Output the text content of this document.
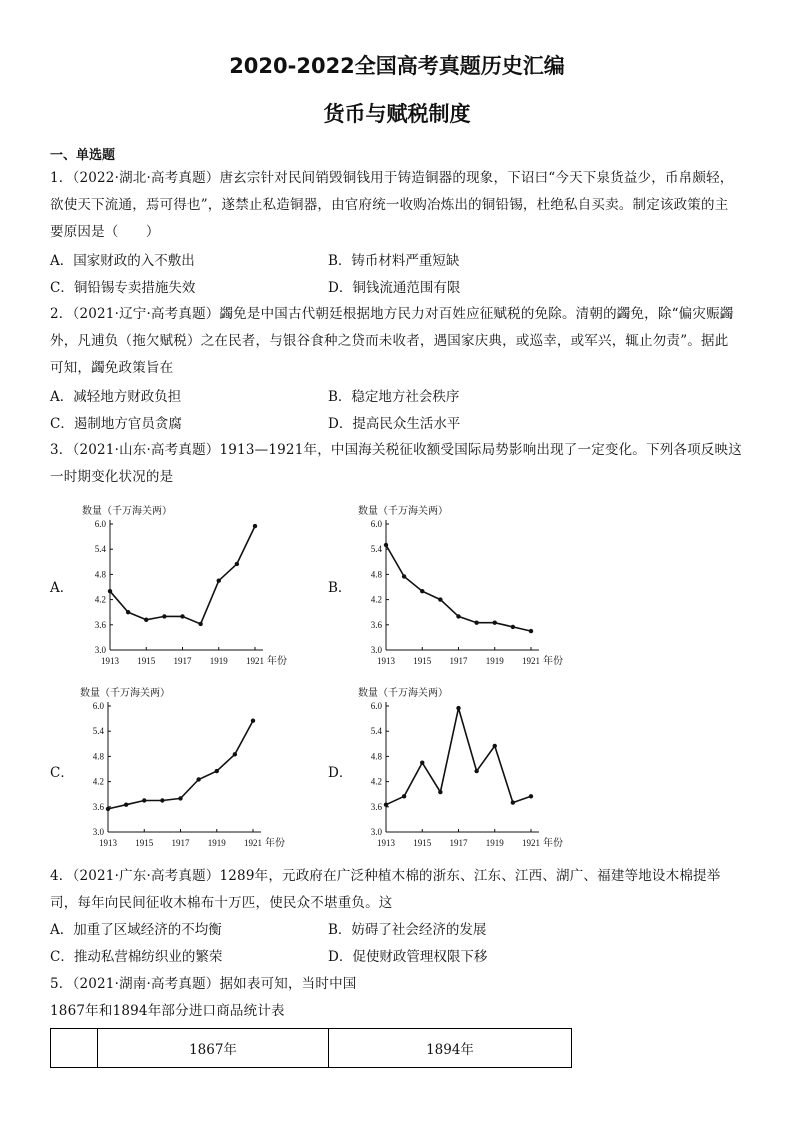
2020-2022全国高考真题历史汇编
货币与赋税制度
一、单选题
1．（2022·湖北·高考真题）唐玄宗针对民间销毁铜钱用于铸造铜器的现象，下诏曰“今天下泉货益少，币帛颇轻，
欲使天下流通，焉可得也”，遂禁止私造铜器，由官府统一收购冶炼出的铜铅锡，杜绝私自买卖。制定该政策的主
要原因是（　　）
A．国家财政的入不敷出	B．铸币材料严重短缺
C．铜铅锡专卖措施失效	D．铜钱流通范围有限
2．（2021·辽宁·高考真题）蠲免是中国古代朝廷根据地方民力对百姓应征赋税的免除。清朝的蠲免，除“偏灾赈蠲
外，凡逋负（拖欠赋税）之在民者，与银谷食种之贷而未收者，遇国家庆典，或巡幸，或军兴，辄止勿责”。据此
可知，蠲免政策旨在
A．减轻地方财政负担	B．稳定地方社会秩序
C．遏制地方官员贪腐	D．提高民众生活水平
3．（2021·山东·高考真题）1913—1921年，中国海关税征收额受国际局势影响出现了一定变化。下列各项反映这
一时期变化状况的是
A．
数量（千万海关两）
3.0
3.6
4.2
4.8
5.4
6.0
1913 1915 1917 1919 1921 年份
B．
数量（千万海关两）
3.0
3.6
4.2
4.8
5.4
6.0
1913 1915 1917 1919 1921 年份
C．
数量（千万海关两）
3.0
3.6
4.2
4.8
5.4
6.0
1913 1915 1917 1919 1921 年份
D．
数量（千万海关两）
3.0
3.6
4.2
4.8
5.4
6.0
1913 1915 1917 1919 1921 年份
4．（2021·广东·高考真题）1289年，元政府在广泛种植木棉的浙东、江东、江西、湖广、福建等地设木棉提举
司，每年向民间征收木棉布十万匹，使民众不堪重负。这
A．加重了区域经济的不均衡	B．妨碍了社会经济的发展
C．推动私营棉纺织业的繁荣	D．促使财政管理权限下移
5．（2021·湖南·高考真题）据如表可知，当时中国
1867年和1894年部分进口商品统计表
	1867年	1894年
